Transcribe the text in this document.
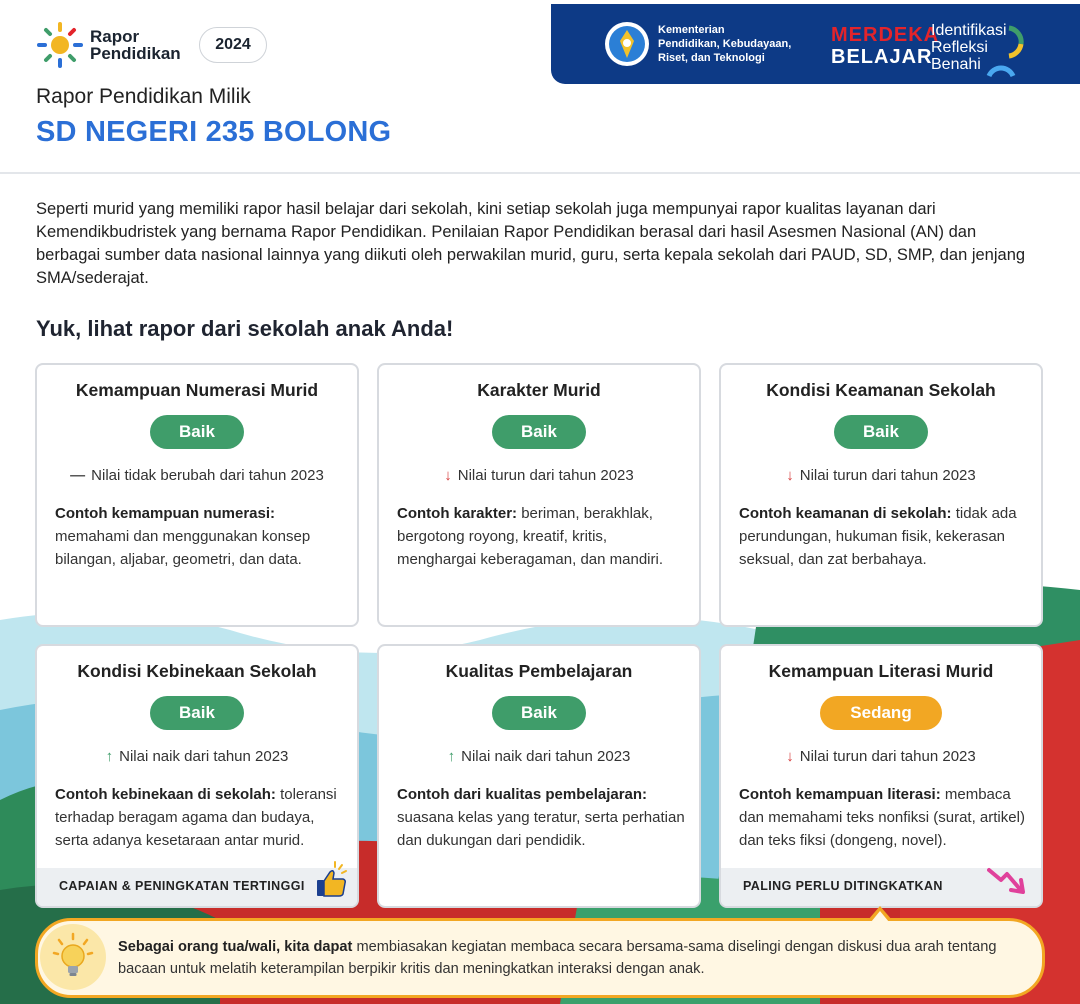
Rapor
Pendidikan	2024
Kementerian
Pendidikan, Kebudayaan,
Riset, dan Teknologi
MERDEKA
BELAJAR
Identifikasi
Refleksi
Benahi
Rapor Pendidikan Milik
SD NEGERI 235 BOLONG
Seperti murid yang memiliki rapor hasil belajar dari sekolah, kini setiap sekolah juga mempunyai rapor kualitas layanan dari Kemendikbudristek yang bernama Rapor Pendidikan. Penilaian Rapor Pendidikan berasal dari hasil Asesmen Nasional (AN) dan berbagai sumber data nasional lainnya yang diikuti oleh perwakilan murid, guru, serta kepala sekolah dari PAUD, SD, SMP, dan jenjang SMA/sederajat.
Yuk, lihat rapor dari sekolah anak Anda!
Kemampuan Numerasi Murid
Baik
— Nilai tidak berubah dari tahun 2023
Contoh kemampuan numerasi: memahami dan menggunakan konsep bilangan, aljabar, geometri, dan data.
Karakter Murid
Baik
↓ Nilai turun dari tahun 2023
Contoh karakter: beriman, berakhlak, bergotong royong, kreatif, kritis, menghargai keberagaman, dan mandiri.
Kondisi Keamanan Sekolah
Baik
↓ Nilai turun dari tahun 2023
Contoh keamanan di sekolah: tidak ada perundungan, hukuman fisik, kekerasan seksual, dan zat berbahaya.
Kondisi Kebinekaan Sekolah
Baik
↑ Nilai naik dari tahun 2023
Contoh kebinekaan di sekolah: toleransi terhadap beragam agama dan budaya, serta adanya kesetaraan antar murid.
CAPAIAN & PENINGKATAN TERTINGGI
Kualitas Pembelajaran
Baik
↑ Nilai naik dari tahun 2023
Contoh dari kualitas pembelajaran: suasana kelas yang teratur, serta perhatian dan dukungan dari pendidik.
Kemampuan Literasi Murid
Sedang
↓ Nilai turun dari tahun 2023
Contoh kemampuan literasi: membaca dan memahami teks nonfiksi (surat, artikel) dan teks fiksi (dongeng, novel).
PALING PERLU DITINGKATKAN
Sebagai orang tua/wali, kita dapat membiasakan kegiatan membaca secara bersama-sama diselingi dengan diskusi dua arah tentang
bacaan untuk melatih keterampilan berpikir kritis dan meningkatkan interaksi dengan anak.
